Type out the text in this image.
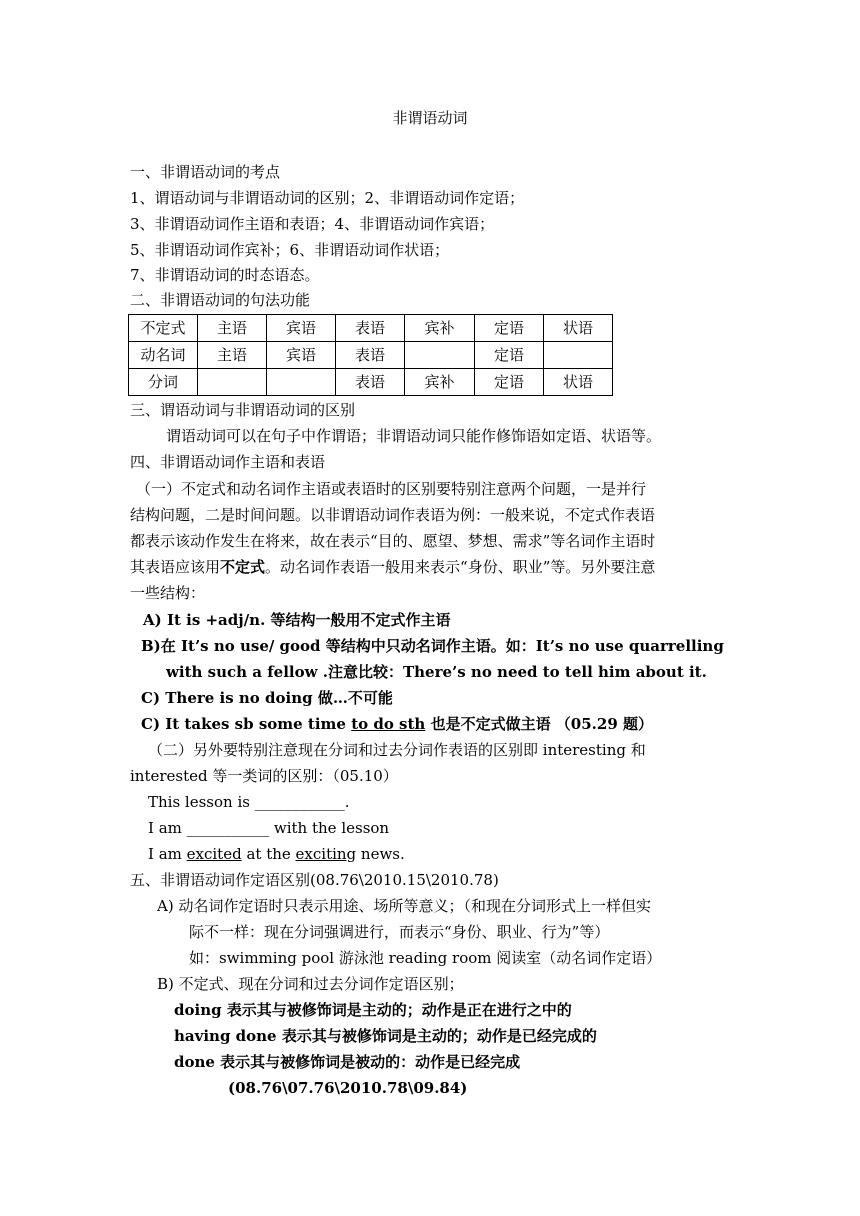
非谓语动词
一、非谓语动词的考点
1、谓语动词与非谓语动词的区别；2、非谓语动词作定语；
3、非谓语动词作主语和表语；4、非谓语动词作宾语；
5、非谓语动词作宾补；6、非谓语动词作状语；
7、非谓语动词的时态语态。
二、非谓语动词的句法功能
不定式	主语	宾语	表语	宾补	定语	状语
动名词	主语	宾语	表语		定语	
分词			表语	宾补	定语	状语
三、谓语动词与非谓语动词的区别
谓语动词可以在句子中作谓语；非谓语动词只能作修饰语如定语、状语等。
四、非谓语动词作主语和表语
（一）不定式和动名词作主语或表语时的区别要特别注意两个问题，一是并行
结构问题，二是时间问题。以非谓语动词作表语为例：一般来说，不定式作表语
都表示该动作发生在将来，故在表示“目的、愿望、梦想、需求”等名词作主语时
其表语应该用不定式。动名词作表语一般用来表示“身份、职业”等。另外要注意
一些结构：
A) It is +adj/n. 等结构一般用不定式作主语
B)在 It’s no use/ good 等结构中只动名词作主语。如：It’s no use quarrelling
with such a fellow .注意比较：There’s no need to tell him about it.
C) There is no doing 做…不可能
C) It takes sb some time to do sth 也是不定式做主语 （05.29 题）
（二）另外要特别注意现在分词和过去分词作表语的区别即 interesting 和
interested 等一类词的区别：（05.10）
This lesson is ____________.
I am ___________ with the lesson
I am excited at the exciting news.
五、非谓语动词作定语区别(08.76\2010.15\2010.78)
A) 动名词作定语时只表示用途、场所等意义；（和现在分词形式上一样但实
际不一样：现在分词强调进行，而表示“身份、职业、行为”等）
如：swimming pool 游泳池 reading room 阅读室（动名词作定语）
B) 不定式、现在分词和过去分词作定语区别；
doing 表示其与被修饰词是主动的；动作是正在进行之中的
having done 表示其与被修饰词是主动的；动作是已经完成的
done 表示其与被修饰词是被动的：动作是已经完成
(08.76\07.76\2010.78\09.84)
